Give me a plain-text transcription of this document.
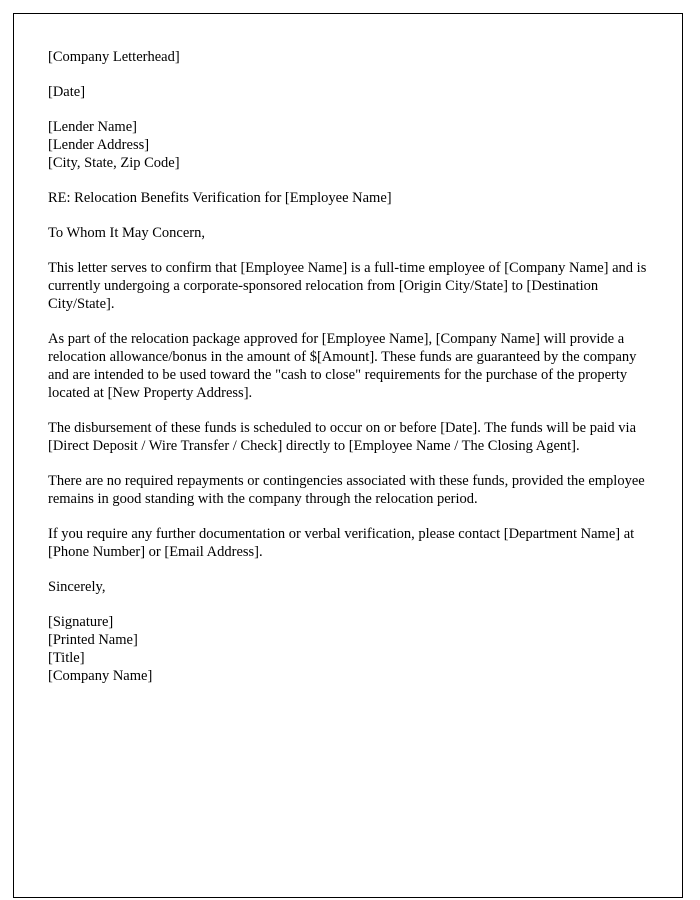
[Company Letterhead]
[Date]
[Lender Name]
[Lender Address]
[City, State, Zip Code]
RE: Relocation Benefits Verification for [Employee Name]
To Whom It May Concern,

This letter serves to confirm that [Employee Name] is a full-time employee of [Company Name] and is currently undergoing a corporate-sponsored relocation from [Origin City/State] to [Destination City/State].

As part of the relocation package approved for [Employee Name], [Company Name] will provide a relocation allowance/bonus in the amount of $[Amount]. These funds are guaranteed by the company and are intended to be used toward the "cash to close" requirements for the purchase of the property located at [New Property Address].

The disbursement of these funds is scheduled to occur on or before [Date]. The funds will be paid via [Direct Deposit / Wire Transfer / Check] directly to [Employee Name / The Closing Agent].

There are no required repayments or contingencies associated with these funds, provided the employee remains in good standing with the company through the relocation period.

If you require any further documentation or verbal verification, please contact [Department Name] at [Phone Number] or [Email Address].

Sincerely,
[Signature]
[Printed Name]
[Title]
[Company Name]
